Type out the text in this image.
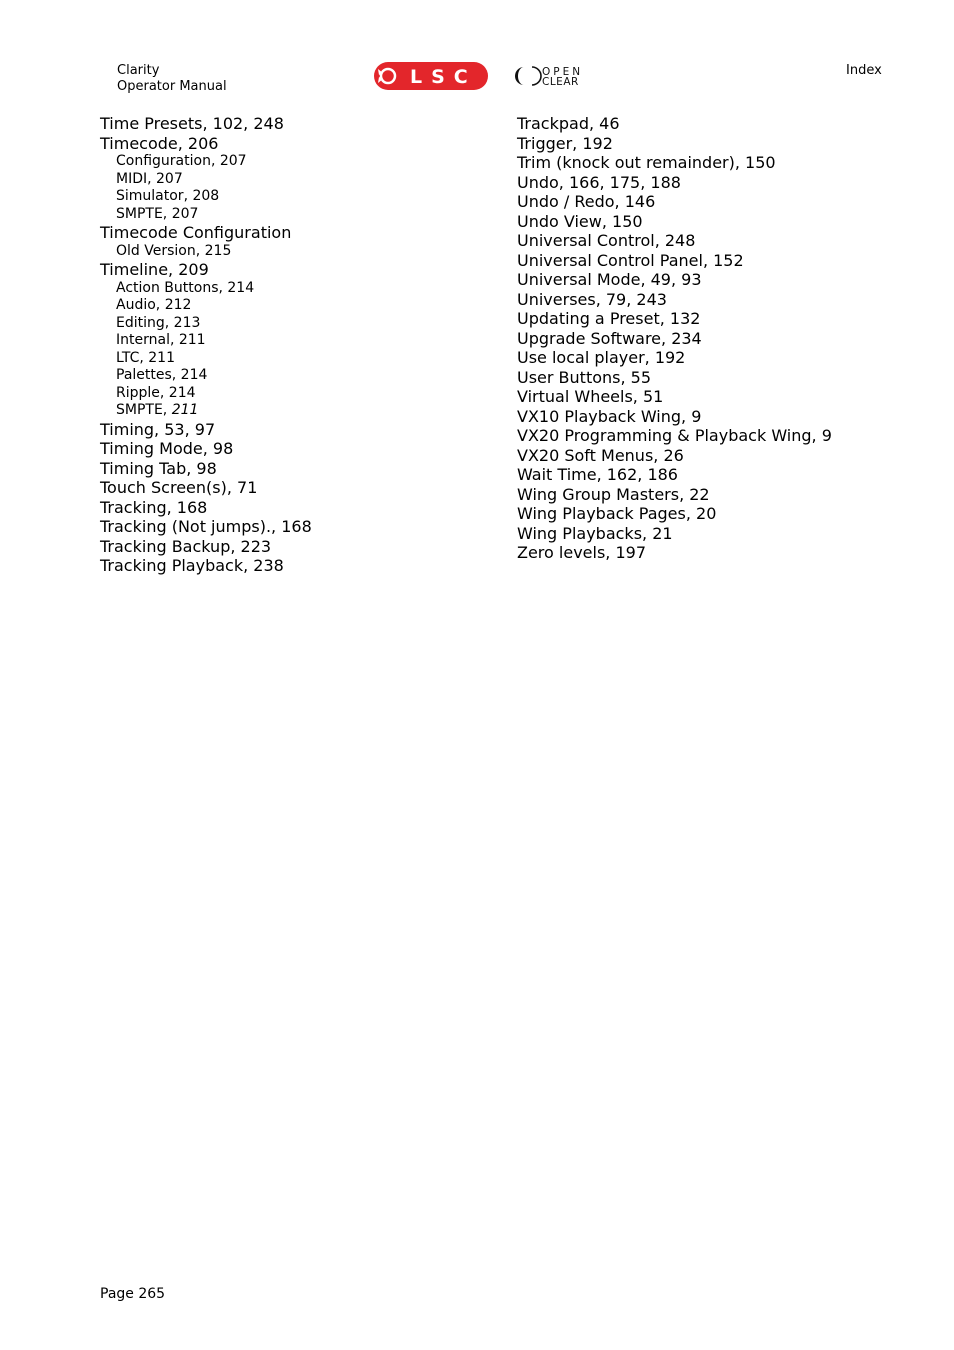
Clarity
Operator Manual	LSC	OPEN
CLEAR
Index
Time Presets, 102, 248
Timecode, 206
Configuration, 207
MIDI, 207
Simulator, 208
SMPTE, 207
Timecode Configuration
Old Version, 215
Timeline, 209
Action Buttons, 214
Audio, 212
Editing, 213
Internal, 211
LTC, 211
Palettes, 214
Ripple, 214
SMPTE, 211
Timing, 53, 97
Timing Mode, 98
Timing Tab, 98
Touch Screen(s), 71
Tracking, 168
Tracking (Not jumps)., 168
Tracking Backup, 223
Tracking Playback, 238
Trackpad, 46
Trigger, 192
Trim (knock out remainder), 150
Undo, 166, 175, 188
Undo / Redo, 146
Undo View, 150
Universal Control, 248
Universal Control Panel, 152
Universal Mode, 49, 93
Universes, 79, 243
Updating a Preset, 132
Upgrade Software, 234
Use local player, 192
User Buttons, 55
Virtual Wheels, 51
VX10 Playback Wing, 9
VX20 Programming & Playback Wing, 9
VX20 Soft Menus, 26
Wait Time, 162, 186
Wing Group Masters, 22
Wing Playback Pages, 20
Wing Playbacks, 21
Zero levels, 197
Page 265
